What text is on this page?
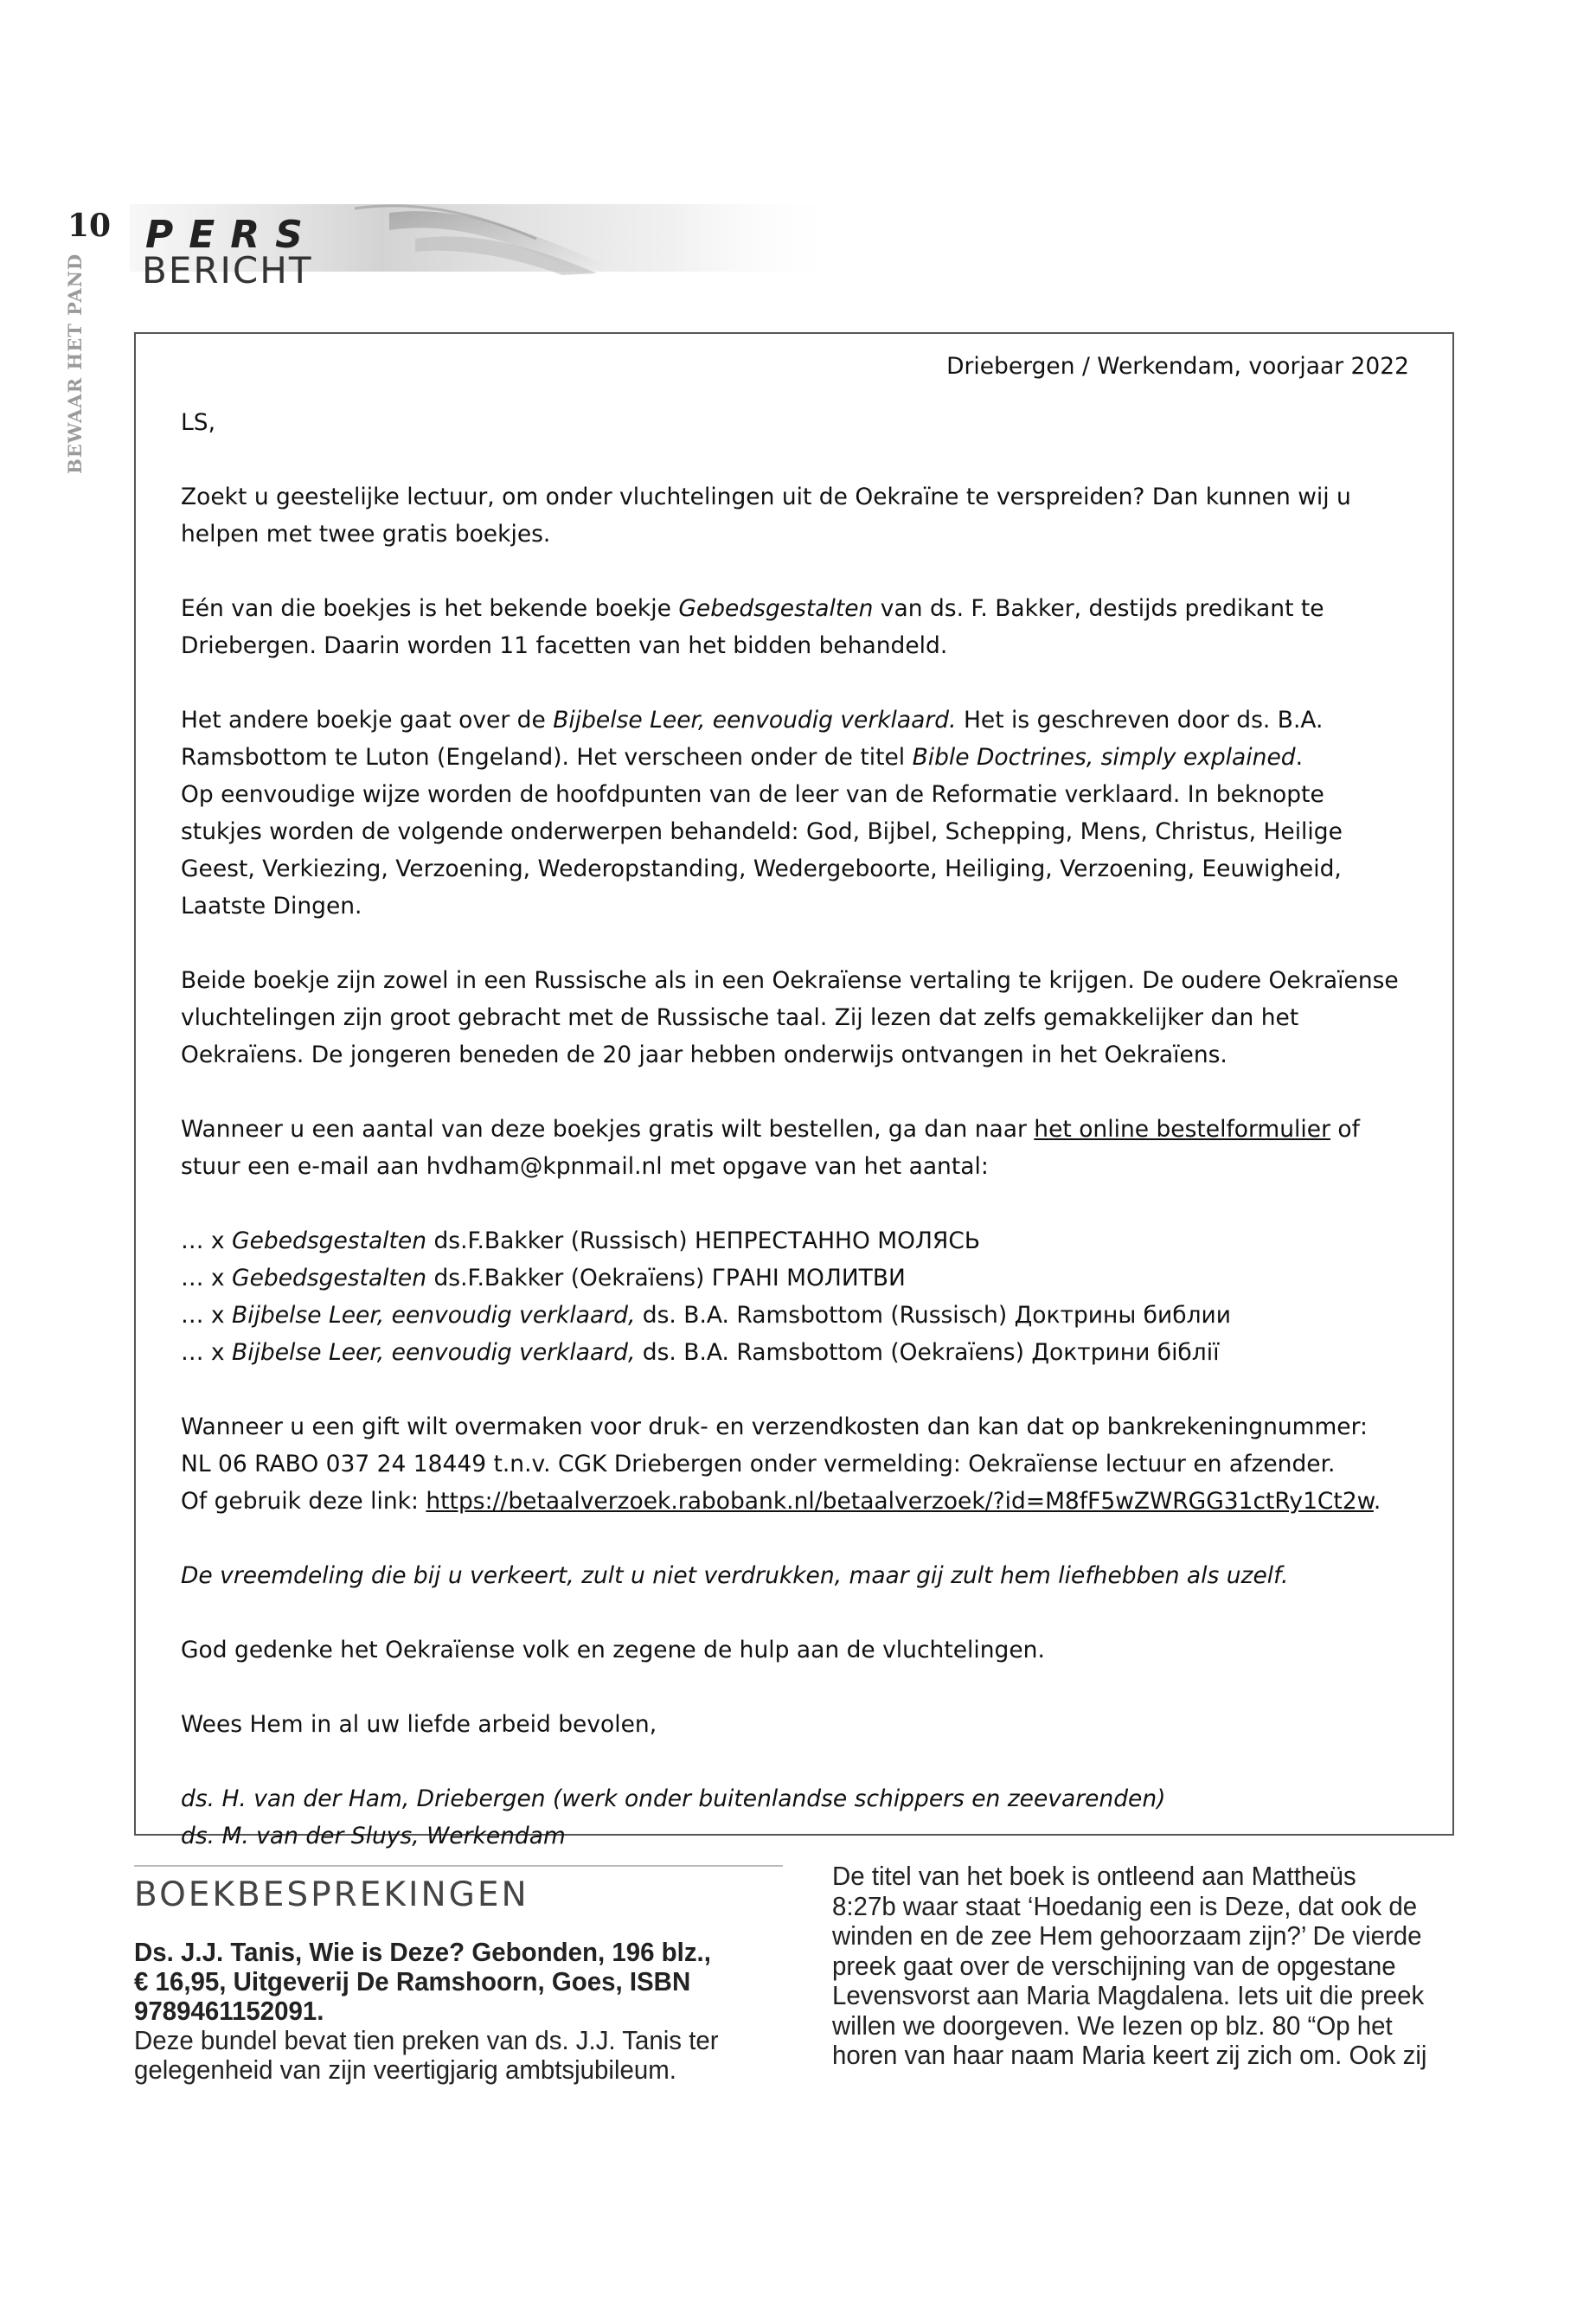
10
BEWAAR HET PAND
PERS
BERICHT

Driebergen / Werkendam, voorjaar 2022

LS,

Zoekt u geestelijke lectuur, om onder vluchtelingen uit de Oekraïne te verspreiden? Dan kunnen wij u helpen met twee gratis boekjes.

Eén van die boekjes is het bekende boekje Gebedsgestalten van ds. F. Bakker, destijds predikant te Driebergen. Daarin worden 11 facetten van het bidden behandeld.

Het andere boekje gaat over de Bijbelse Leer, eenvoudig verklaard. Het is geschreven door ds. B.A. Ramsbottom te Luton (Engeland). Het verscheen onder de titel Bible Doctrines, simply explained.

Op eenvoudige wijze worden de hoofdpunten van de leer van de Reformatie verklaard. In beknopte stukjes worden de volgende onderwerpen behandeld: God, Bijbel, Schepping, Mens, Christus, Heilige Geest, Verkiezing, Verzoening, Wederopstanding, Wedergeboorte, Heiliging, Verzoening, Eeuwigheid, Laatste Dingen.

Beide boekje zijn zowel in een Russische als in een Oekraïense vertaling te krijgen. De oudere Oekraïense vluchtelingen zijn groot gebracht met de Russische taal. Zij lezen dat zelfs gemakkelijker dan het Oekraïens. De jongeren beneden de 20 jaar hebben onderwijs ontvangen in het Oekraïens.

Wanneer u een aantal van deze boekjes gratis wilt bestellen, ga dan naar het online bestelformulier of stuur een e-mail aan hvdham@kpnmail.nl met opgave van het aantal:

… x Gebedsgestalten ds.F.Bakker (Russisch) НЕПРЕСТАННО МОЛЯСЬ

… x Gebedsgestalten ds.F.Bakker (Oekraïens) ГРАНІ МОЛИТВИ

… x Bijbelse Leer, eenvoudig verklaard, ds. B.A. Ramsbottom (Russisch) Доктрины библии

… x Bijbelse Leer, eenvoudig verklaard, ds. B.A. Ramsbottom (Oekraïens) Доктрини біблії

Wanneer u een gift wilt overmaken voor druk- en verzendkosten dan kan dat op bankrekeningnummer:

NL 06 RABO 037 24 18449 t.n.v. CGK Driebergen onder vermelding: Oekraïense lectuur en afzender.

Of gebruik deze link: https://betaalverzoek.rabobank.nl/betaalverzoek/?id=M8fF5wZWRGG31ctRy1Ct2w.

De vreemdeling die bij u verkeert, zult u niet verdrukken, maar gij zult hem liefhebben als uzelf.

God gedenke het Oekraïense volk en zegene de hulp aan de vluchtelingen.

Wees Hem in al uw liefde arbeid bevolen,

ds. H. van der Ham, Driebergen (werk onder buitenlandse schippers en zeevarenden)

ds. M. van der Sluys, Werkendam

BOEKBESPREKINGEN

Ds. J.J. Tanis, Wie is Deze? Gebonden, 196 blz.,
€ 16,95, Uitgeverij De Ramshoorn, Goes, ISBN
9789461152091.

Deze bundel bevat tien preken van ds. J.J. Tanis ter
gelegenheid van zijn veertigjarig ambtsjubileum.

De titel van het boek is ontleend aan Mattheüs
8:27b waar staat ‘Hoedanig een is Deze, dat ook de
winden en de zee Hem gehoorzaam zijn?’ De vierde
preek gaat over de verschijning van de opgestane
Levensvorst aan Maria Magdalena. Iets uit die preek
willen we doorgeven. We lezen op blz. 80 “Op het
horen van haar naam Maria keert zij zich om. Ook zij
